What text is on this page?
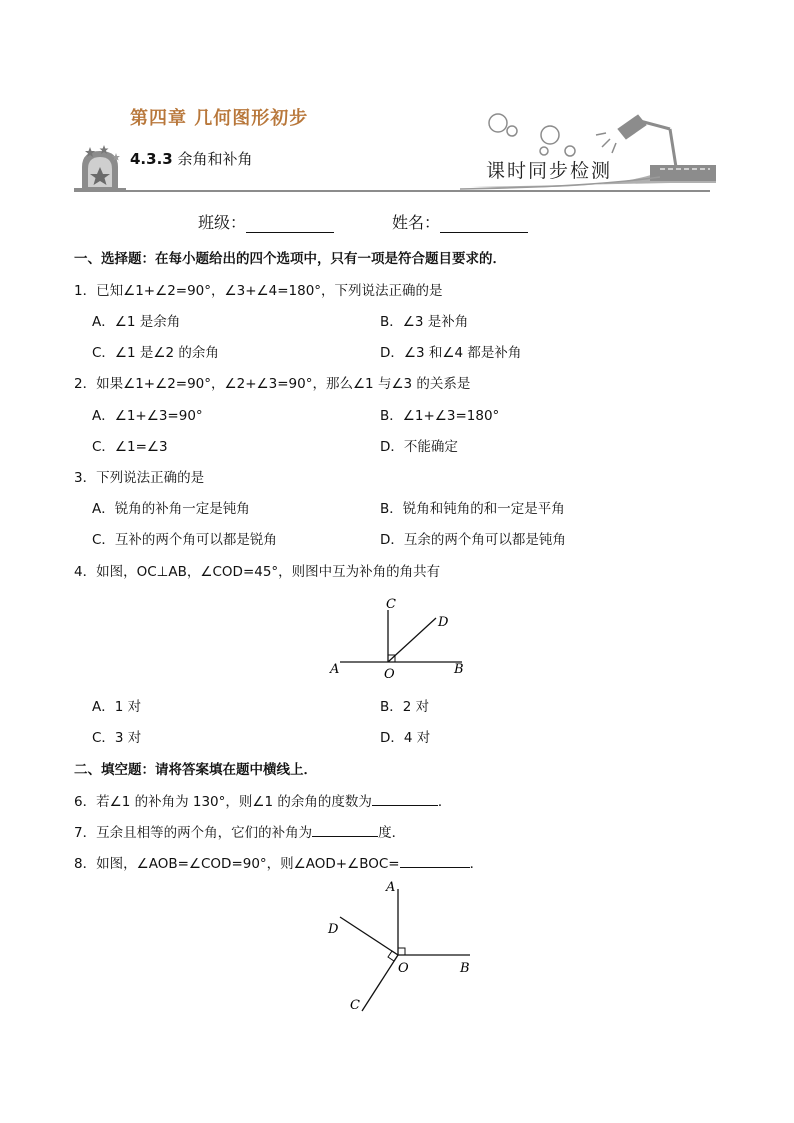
第四章 几何图形初步
4.3.3 余角和补角
课时同步检测
班级：	姓名：
一、选择题：在每小题给出的四个选项中，只有一项是符合题目要求的．
1．已知∠1+∠2=90°，∠3+∠4=180°，下列说法正确的是
A．∠1 是余角	B．∠3 是补角
C．∠1 是∠2 的余角	D．∠3 和∠4 都是补角
2．如果∠1+∠2=90°，∠2+∠3=90°，那么∠1 与∠3 的关系是
A．∠1+∠3=90°	B．∠1+∠3=180°
C．∠1=∠3	D．不能确定
3．下列说法正确的是
A．锐角的补角一定是钝角	B．锐角和钝角的和一定是平角
C．互补的两个角可以都是锐角	D．互余的两个角可以都是钝角
4．如图，OC⊥AB，∠COD=45°，则图中互为补角的角共有
C
D
A	O	B
A．1 对	B．2 对
C．3 对	D．4 对
二、填空题：请将答案填在题中横线上．
6．若∠1 的补角为 130°，则∠1 的余角的度数为	．
7．互余且相等的两个角，它们的补角为	度．
8．如图，∠AOB=∠COD=90°，则∠AOD+∠BOC=	．
A
D
O	B
C
